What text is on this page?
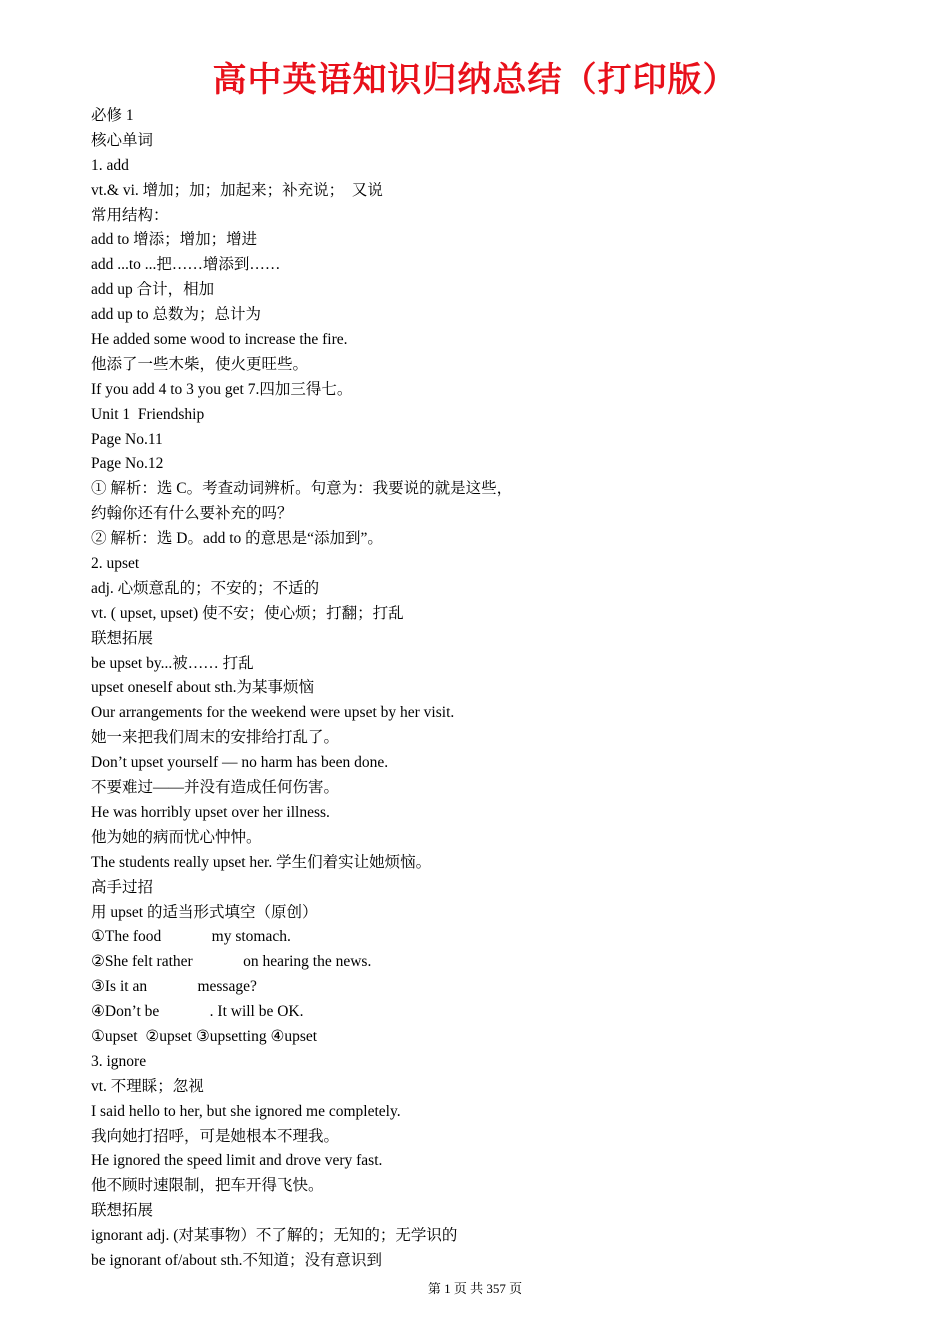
高中英语知识归纳总结（打印版）
必修 1
核心单词
1. add
vt.& vi. 增加；加；加起来；补充说；  又说
常用结构：
add to 增添；增加；增进
add ...to ...把……增添到……
add up 合计，相加
add up to 总数为；总计为
He added some wood to increase the fire.
他添了一些木柴，使火更旺些。
If you add 4 to 3 you get 7.四加三得七。
Unit 1  Friendship
Page No.11
Page No.12
① 解析：选 C。考查动词辨析。句意为：我要说的就是这些，
约翰你还有什么要补充的吗？
② 解析：选 D。add to 的意思是“添加到”。
2. upset
adj. 心烦意乱的；不安的；不适的
vt. ( upset, upset) 使不安；使心烦；打翻；打乱
联想拓展
be upset by...被…… 打乱
upset oneself about sth.为某事烦恼
Our arrangements for the weekend were upset by her visit.
她一来把我们周末的安排给打乱了。
Don’t upset yourself — no harm has been done.
不要难过——并没有造成任何伤害。
He was horribly upset over her illness.
他为她的病而忧心忡忡。
The students really upset her. 学生们着实让她烦恼。
高手过招
用 upset 的适当形式填空（原创）
①The food             my stomach.
②She felt rather             on hearing the news.
③Is it an             message?
④Don’t be             . It will be OK.
①upset  ②upset ③upsetting ④upset
3. ignore
vt. 不理睬；忽视
I said hello to her, but she ignored me completely.
我向她打招呼，可是她根本不理我。
He ignored the speed limit and drove very fast.
他不顾时速限制，把车开得飞快。
联想拓展
ignorant adj. (对某事物）不了解的；无知的；无学识的
be ignorant of/about sth.不知道；没有意识到
第 1 页 共 357 页
